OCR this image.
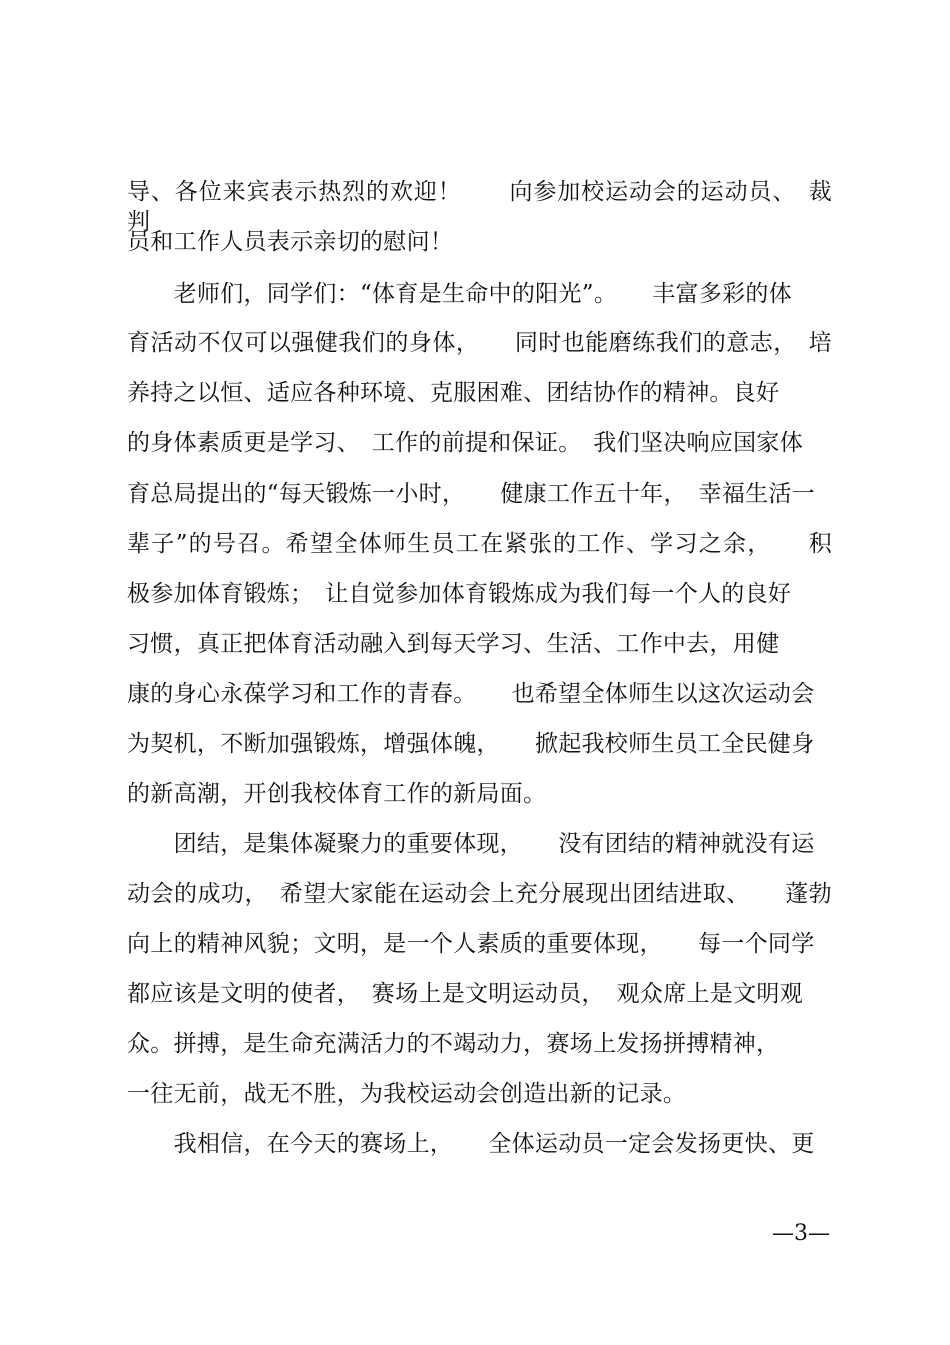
导、各位来宾表示热烈的欢迎！　　向参加校运动会的运动员、　裁判
员和工作人员表示亲切的慰问！
　　老师们，同学们：“体育是生命中的阳光”。　　丰富多彩的体
育活动不仅可以强健我们的身体，　　同时也能磨练我们的意志，　培
养持之以恒、适应各种环境、克服困难、团结协作的精神。良好
的身体素质更是学习、　工作的前提和保证。　我们坚决响应国家体
育总局提出的“每天锻炼一小时，　　健康工作五十年，　幸福生活一
辈子”的号召。希望全体师生员工在紧张的工作、学习之余，　　积
极参加体育锻炼；　让自觉参加体育锻炼成为我们每一个人的良好
习惯，真正把体育活动融入到每天学习、生活、工作中去，用健
康的身心永葆学习和工作的青春。　　也希望全体师生以这次运动会
为契机，不断加强锻炼，增强体魄，　　掀起我校师生员工全民健身
的新高潮，开创我校体育工作的新局面。
　　团结，是集体凝聚力的重要体现，　　没有团结的精神就没有运
动会的成功，　希望大家能在运动会上充分展现出团结进取、　　蓬勃
向上的精神风貌；文明，是一个人素质的重要体现，　　每一个同学
都应该是文明的使者，　赛场上是文明运动员，　观众席上是文明观
众。拼搏，是生命充满活力的不竭动力，赛场上发扬拼搏精神，
一往无前，战无不胜，为我校运动会创造出新的记录。
　　我相信，在今天的赛场上，　　全体运动员一定会发扬更快、更
—3—
